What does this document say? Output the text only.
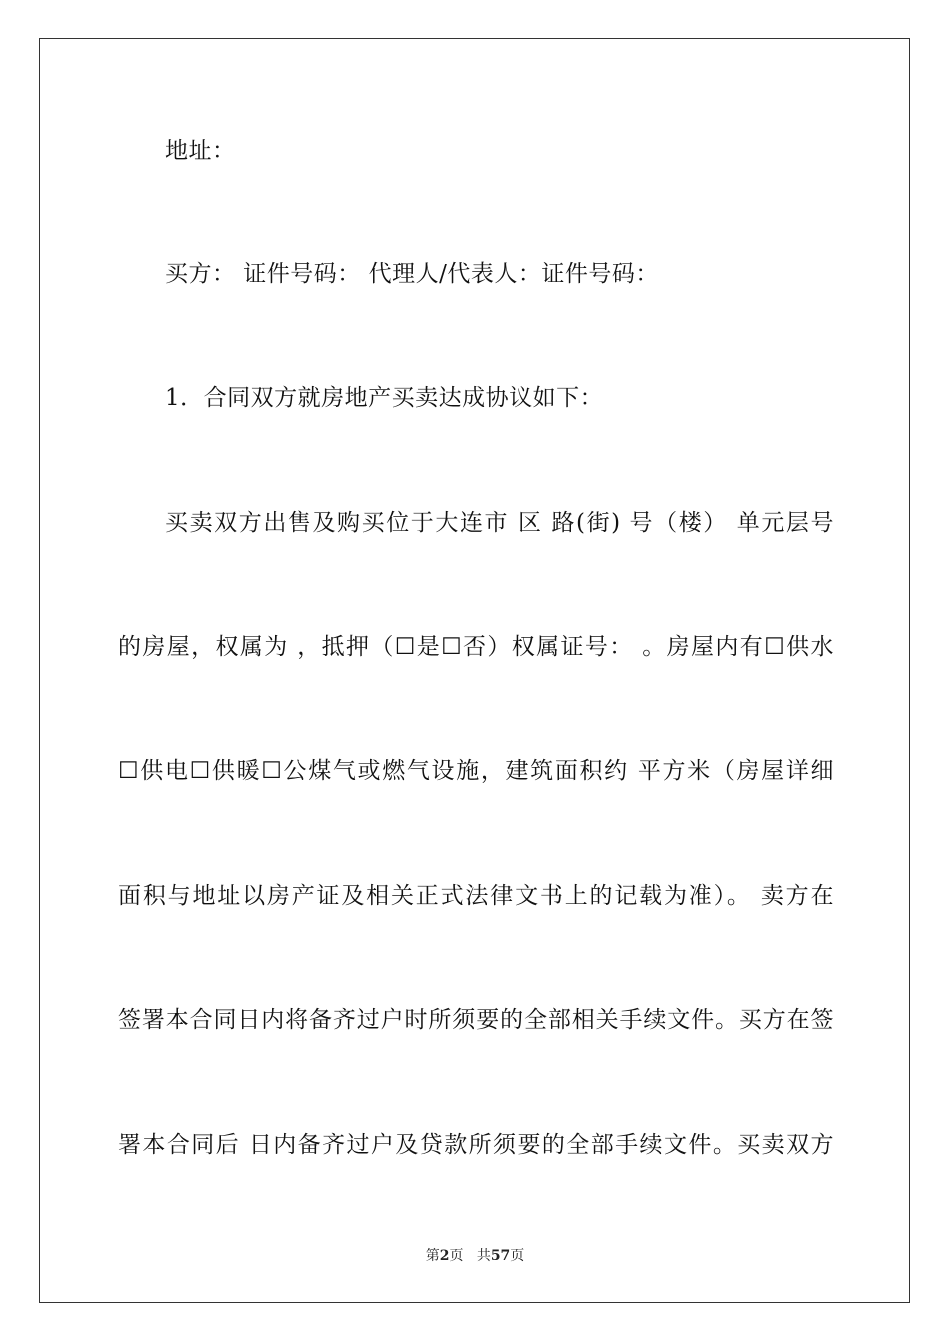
地址：
买方： 证件号码： 代理人/代表人：证件号码：
1．合同双方就房地产买卖达成协议如下：
买卖双方出售及购买位于大连市 区 路(街) 号（楼） 单元层号
的房屋，权属为 ，抵押（☐是☐否）权属证号： 。房屋内有☐供水
☐供电☐供暖☐公煤气或燃气设施，建筑面积约 平方米（房屋详细
面积与地址以房产证及相关正式法律文书上的记载为准）。 卖方在
签署本合同日内将备齐过户时所须要的全部相关手续文件。买方在签
署本合同后 日内备齐过户及贷款所须要的全部手续文件。买卖双方
第2页 共57页
